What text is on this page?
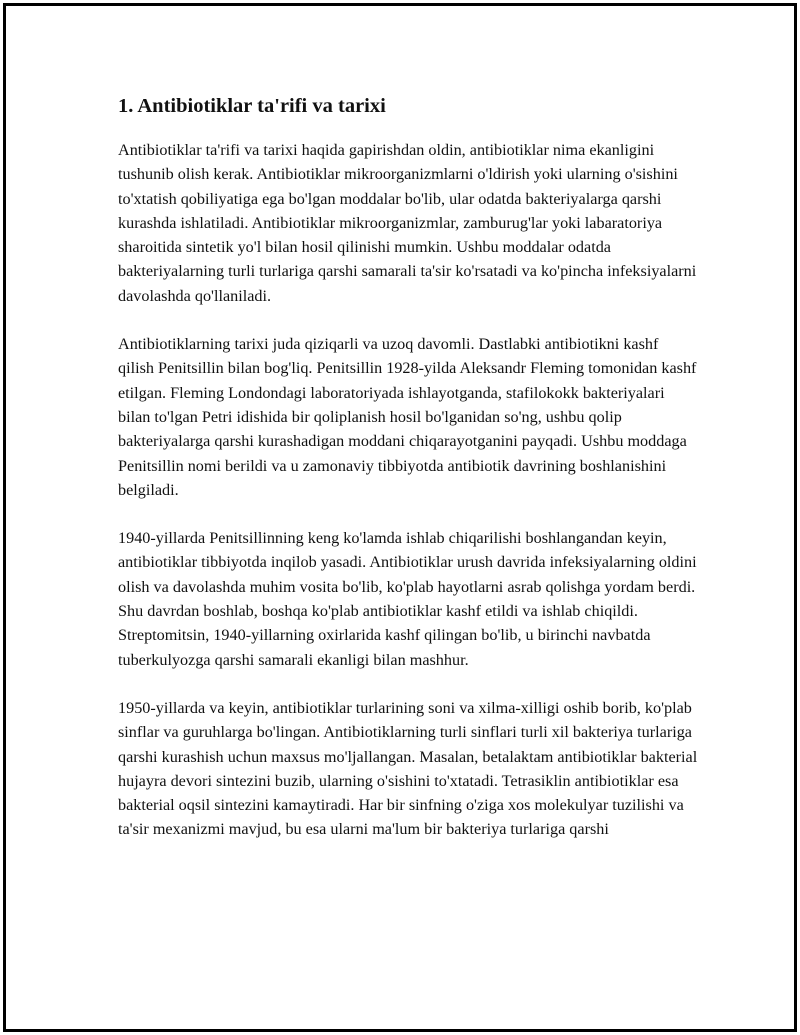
1. Antibiotiklar ta'rifi va tarixi

Antibiotiklar ta'rifi va tarixi haqida gapirishdan oldin, antibiotiklar nima ekanligini tushunib olish kerak. Antibiotiklar mikroorganizmlarni o'ldirish yoki ularning o'sishini to'xtatish qobiliyatiga ega bo'lgan moddalar bo'lib, ular odatda bakteriyalarga qarshi kurashda ishlatiladi. Antibiotiklar mikroorganizmlar, zamburug'lar yoki labaratoriya sharoitida sintetik yo'l bilan hosil qilinishi mumkin. Ushbu moddalar odatda bakteriyalarning turli turlariga qarshi samarali ta'sir ko'rsatadi va ko'pincha infeksiyalarni davolashda qo'llaniladi.

Antibiotiklarning tarixi juda qiziqarli va uzoq davomli. Dastlabki antibiotikni kashf qilish Penitsillin bilan bog'liq. Penitsillin 1928-yilda Aleksandr Fleming tomonidan kashf etilgan. Fleming Londondagi laboratoriyada ishlayotganda, stafilokokk bakteriyalari bilan to'lgan Petri idishida bir qoliplanish hosil bo'lganidan so'ng, ushbu qolip bakteriyalarga qarshi kurashadigan moddani chiqarayotganini payqadi. Ushbu moddaga Penitsillin nomi berildi va u zamonaviy tibbiyotda antibiotik davrining boshlanishini belgiladi.

1940-yillarda Penitsillinning keng ko'lamda ishlab chiqarilishi boshlangandan keyin, antibiotiklar tibbiyotda inqilob yasadi. Antibiotiklar urush davrida infeksiyalarning oldini olish va davolashda muhim vosita bo'lib, ko'plab hayotlarni asrab qolishga yordam berdi. Shu davrdan boshlab, boshqa ko'plab antibiotiklar kashf etildi va ishlab chiqildi. Streptomitsin, 1940-yillarning oxirlarida kashf qilingan bo'lib, u birinchi navbatda tuberkulyozga qarshi samarali ekanligi bilan mashhur.

1950-yillarda va keyin, antibiotiklar turlarining soni va xilma-xilligi oshib borib, ko'plab sinflar va guruhlarga bo'lingan. Antibiotiklarning turli sinflari turli xil bakteriya turlariga qarshi kurashish uchun maxsus mo'ljallangan. Masalan, betalaktam antibiotiklar bakterial hujayra devori sintezini buzib, ularning o'sishini to'xtatadi. Tetrasiklin antibiotiklar esa bakterial oqsil sintezini kamaytiradi. Har bir sinfning o'ziga xos molekulyar tuzilishi va ta'sir mexanizmi mavjud, bu esa ularni ma'lum bir bakteriya turlariga qarshi
